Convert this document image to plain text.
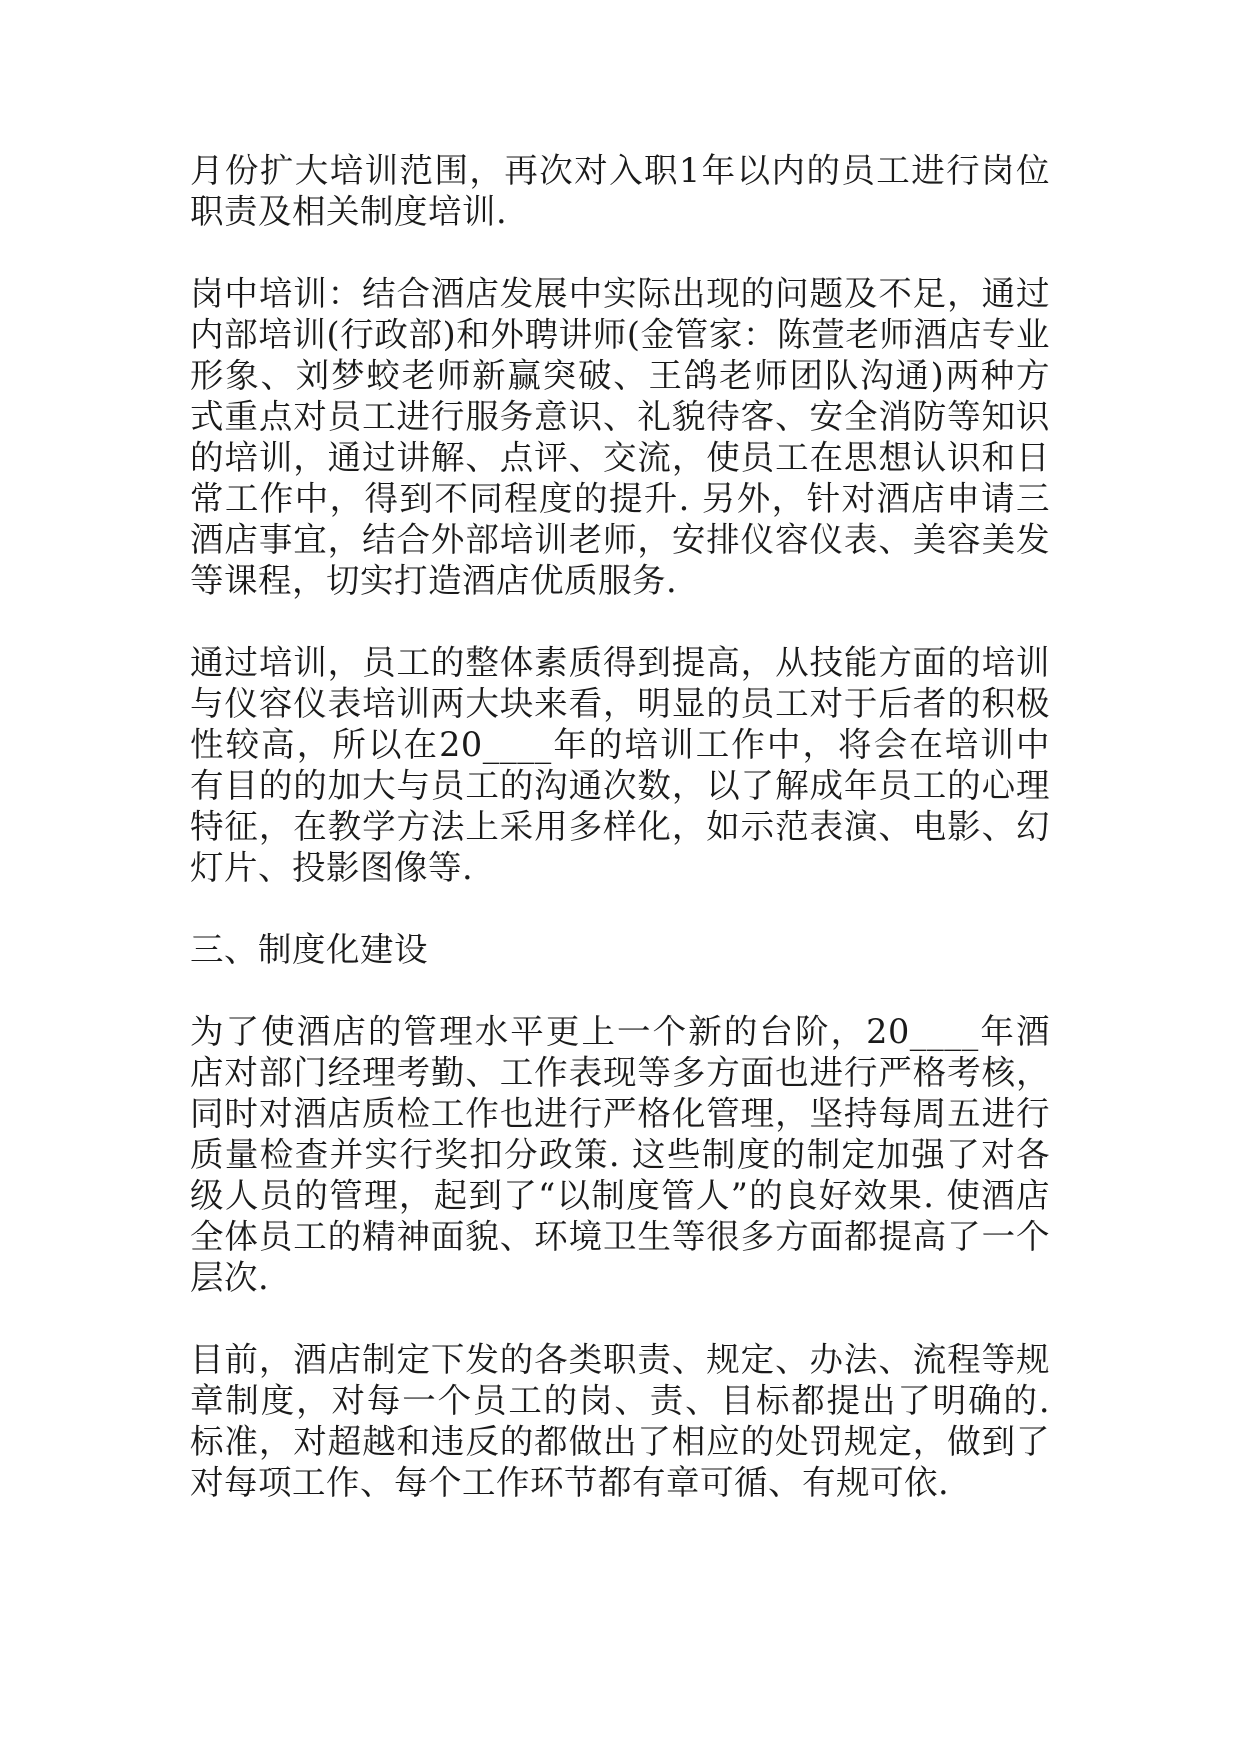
月份扩大培训范围，再次对入职1年以内的员工进行岗位职责及相关制度培训.

岗中培训：结合酒店发展中实际出现的问题及不足，通过内部培训(行政部)和外聘讲师(金管家：陈萱老师酒店专业形象、刘梦蛟老师新赢突破、王鸽老师团队沟通)两种方式重点对员工进行服务意识、礼貌待客、安全消防等知识的培训，通过讲解、点评、交流，使员工在思想认识和日常工作中，得到不同程度的提升. 另外，针对酒店申请三酒店事宜，结合外部培训老师，安排仪容仪表、美容美发等课程，切实打造酒店优质服务.

通过培训，员工的整体素质得到提高，从技能方面的培训与仪容仪表培训两大块来看，明显的员工对于后者的积极性较高，所以在20____年的培训工作中，将会在培训中有目的的加大与员工的沟通次数，以了解成年员工的心理特征，在教学方法上采用多样化，如示范表演、电影、幻灯片、投影图像等.

三、制度化建设

为了使酒店的管理水平更上一个新的台阶，20____年酒店对部门经理考勤、工作表现等多方面也进行严格考核，同时对酒店质检工作也进行严格化管理，坚持每周五进行质量检查并实行奖扣分政策. 这些制度的制定加强了对各级人员的管理，起到了“以制度管人”的良好效果. 使酒店全体员工的精神面貌、环境卫生等很多方面都提高了一个层次.

目前，酒店制定下发的各类职责、规定、办法、流程等规章制度，对每一个员工的岗、责、目标都提出了明确的.标准，对超越和违反的都做出了相应的处罚规定，做到了对每项工作、每个工作环节都有章可循、有规可依.
